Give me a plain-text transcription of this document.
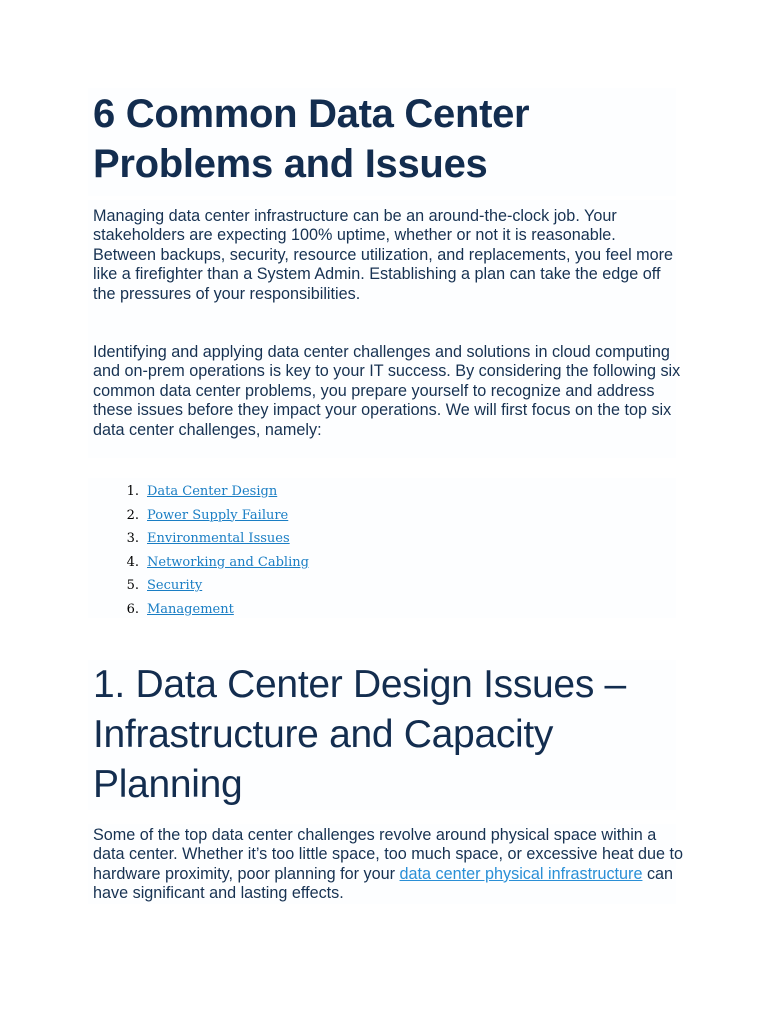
6 Common Data Center Problems and Issues

Managing data center infrastructure can be an around-the-clock job. Your stakeholders are expecting 100% uptime, whether or not it is reasonable. Between backups, security, resource utilization, and replacements, you feel more like a firefighter than a System Admin. Establishing a plan can take the edge off the pressures of your responsibilities.

Identifying and applying data center challenges and solutions in cloud computing and on-prem operations is key to your IT success. By considering the following six common data center problems, you prepare yourself to recognize and address these issues before they impact your operations. We will first focus on the top six data center challenges, namely:

1. Data Center Design
2. Power Supply Failure
3. Environmental Issues
4. Networking and Cabling
5. Security
6. Management
1. Data Center Design Issues – Infrastructure and Capacity Planning

Some of the top data center challenges revolve around physical space within a data center. Whether it’s too little space, too much space, or excessive heat due to hardware proximity, poor planning for your data center physical infrastructure can have significant and lasting effects.
